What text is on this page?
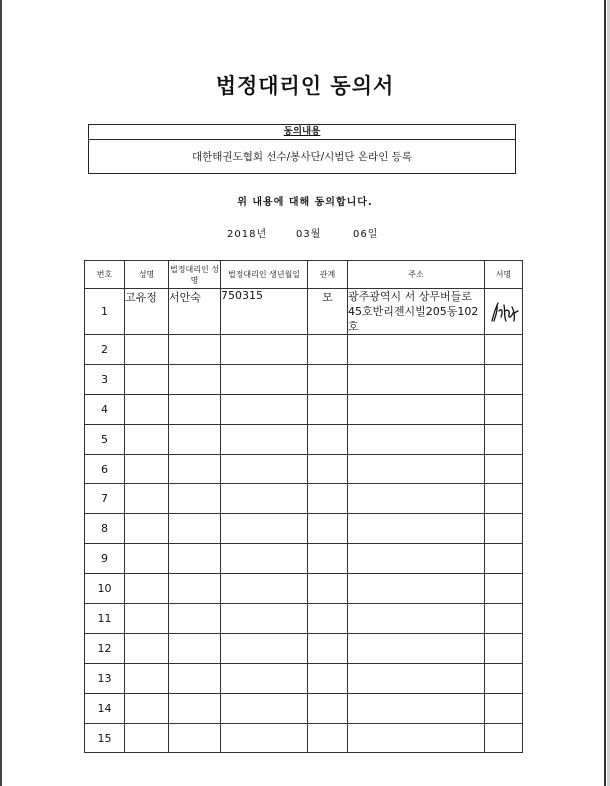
법정대리인 동의서
동의내용
대한태권도협회 선수/봉사단/시범단 온라인 등록
위 내용에 대해 동의합니다.
2018년	03월	06일
번호	성명	법정대리인 성명	법정대리인 생년월일	관계	주소	서명
1	고유정	서안숙	750315	모	광주광역시 서 상무버들로
45호반리젠시빌205동102호

2						
3						
4						
5						
6						
7						
8						
9						
10						
11						
12						
13						
14						
15						
